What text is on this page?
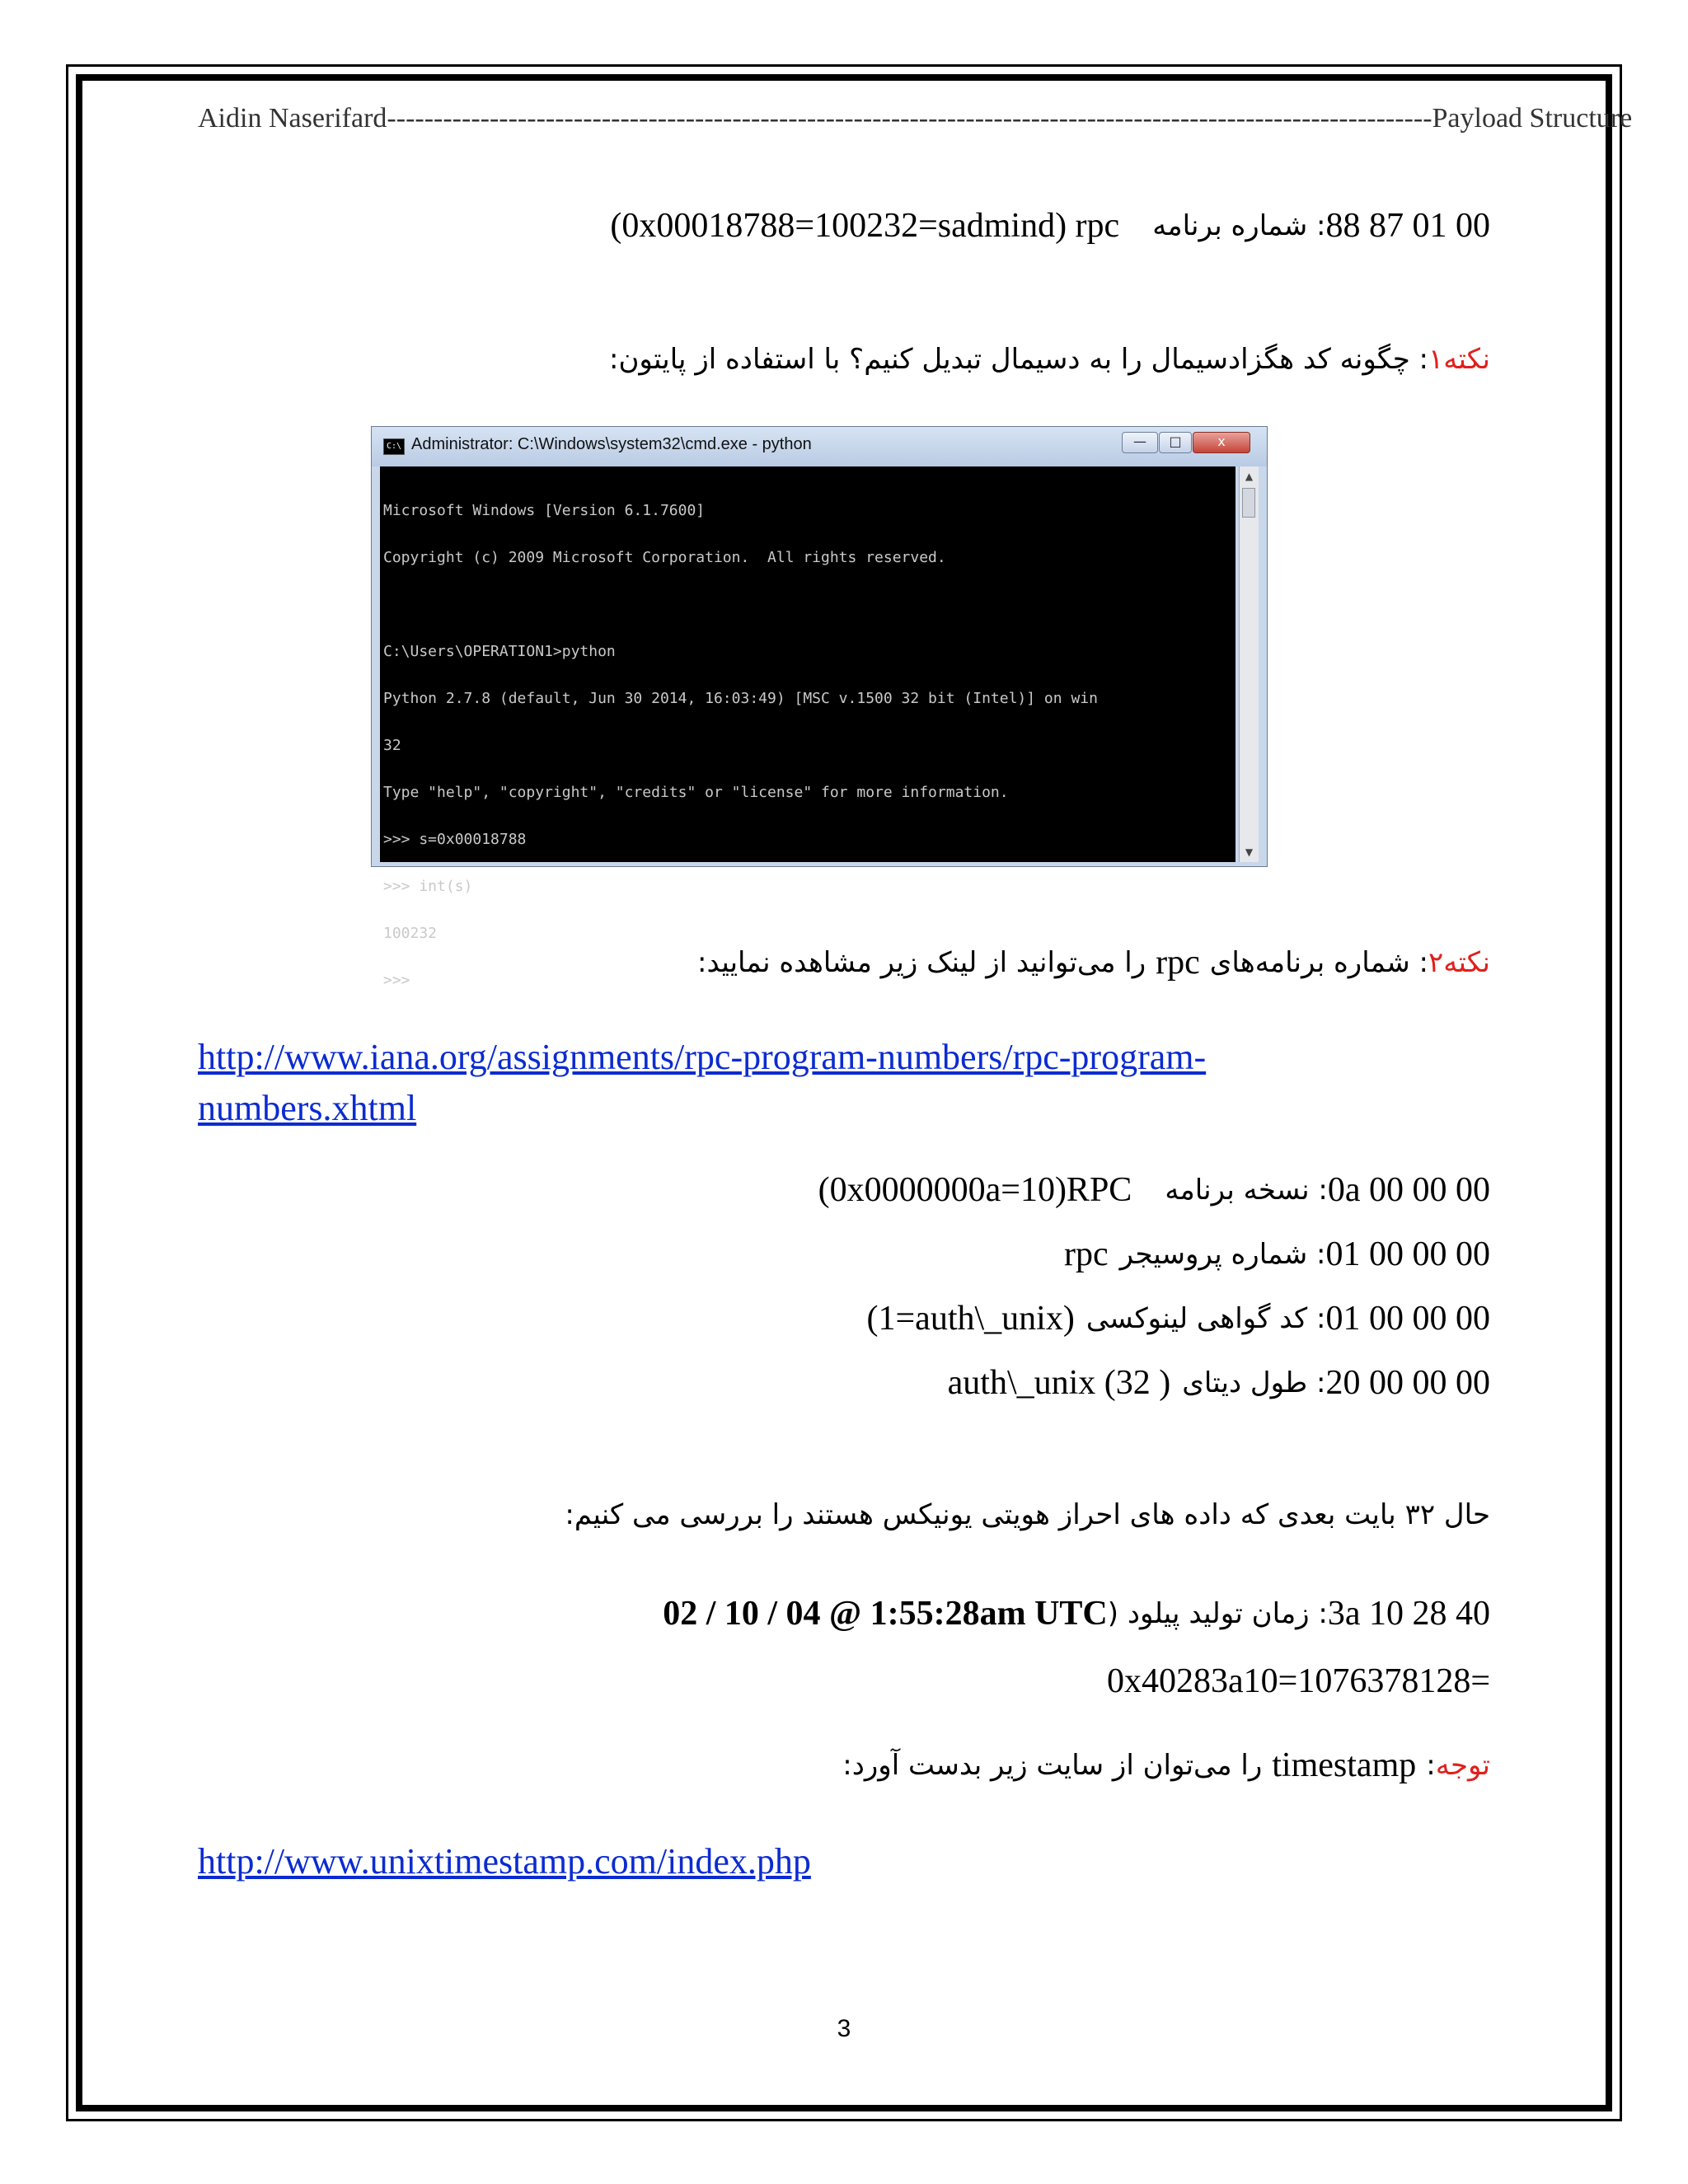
Aidin Naserifard ---------------------------------------------------------------------------------------------------------------- Payload Structure
00 01 87 88
: شماره برنامه
(0x00018788=100232=sadmind) rpc
نکته۱
: چگونه کد هگزادسیمال را به دسیمال تبدیل کنیم؟ با استفاده از پایتون:
C:\ Administrator: C:\Windows\system32\cmd.exe - python	—	□	x

Microsoft Windows [Version 6.1.7600]

Copyright (c) 2009 Microsoft Corporation.  All rights reserved.

C:\Users\OPERATION1>python

Python 2.7.8 (default, Jun 30 2014, 16:03:49) [MSC v.1500 32 bit (Intel)] on win

32

Type "help", "copyright", "credits" or "license" for more information.

>>> s=0x00018788

>>> int(s)

100232

>>>

▲
▼
نکته۲
: شماره برنامه‌های
rpc
را می‌توانید از لینک زیر مشاهده نمایید:
http://www.iana.org/assignments/rpc-program-numbers/rpc-program-
numbers.xhtml
00 00 00 0a
: نسخه برنامه
(0x0000000a=10)RPC
00 00 00 01
: شماره پروسیجر
rpc
00 00 00 01
: کد گواهی لینوکسی
(1=auth\_unix)
00 00 00 20
: طول دیتای
auth\_unix (32 )
حال ۳۲ بایت بعدی که داده های احراز هویتی یونیکس هستند را بررسی می کنیم:
40 28 3a 10
: زمان تولید پیلود (
02 / 10 / 04 @ 1:55:28am UTC
0x40283a10=1076378128=
توجه
:
timestamp
را می‌توان از سایت زیر بدست آورد:
http://www.unixtimestamp.com/index.php
3
